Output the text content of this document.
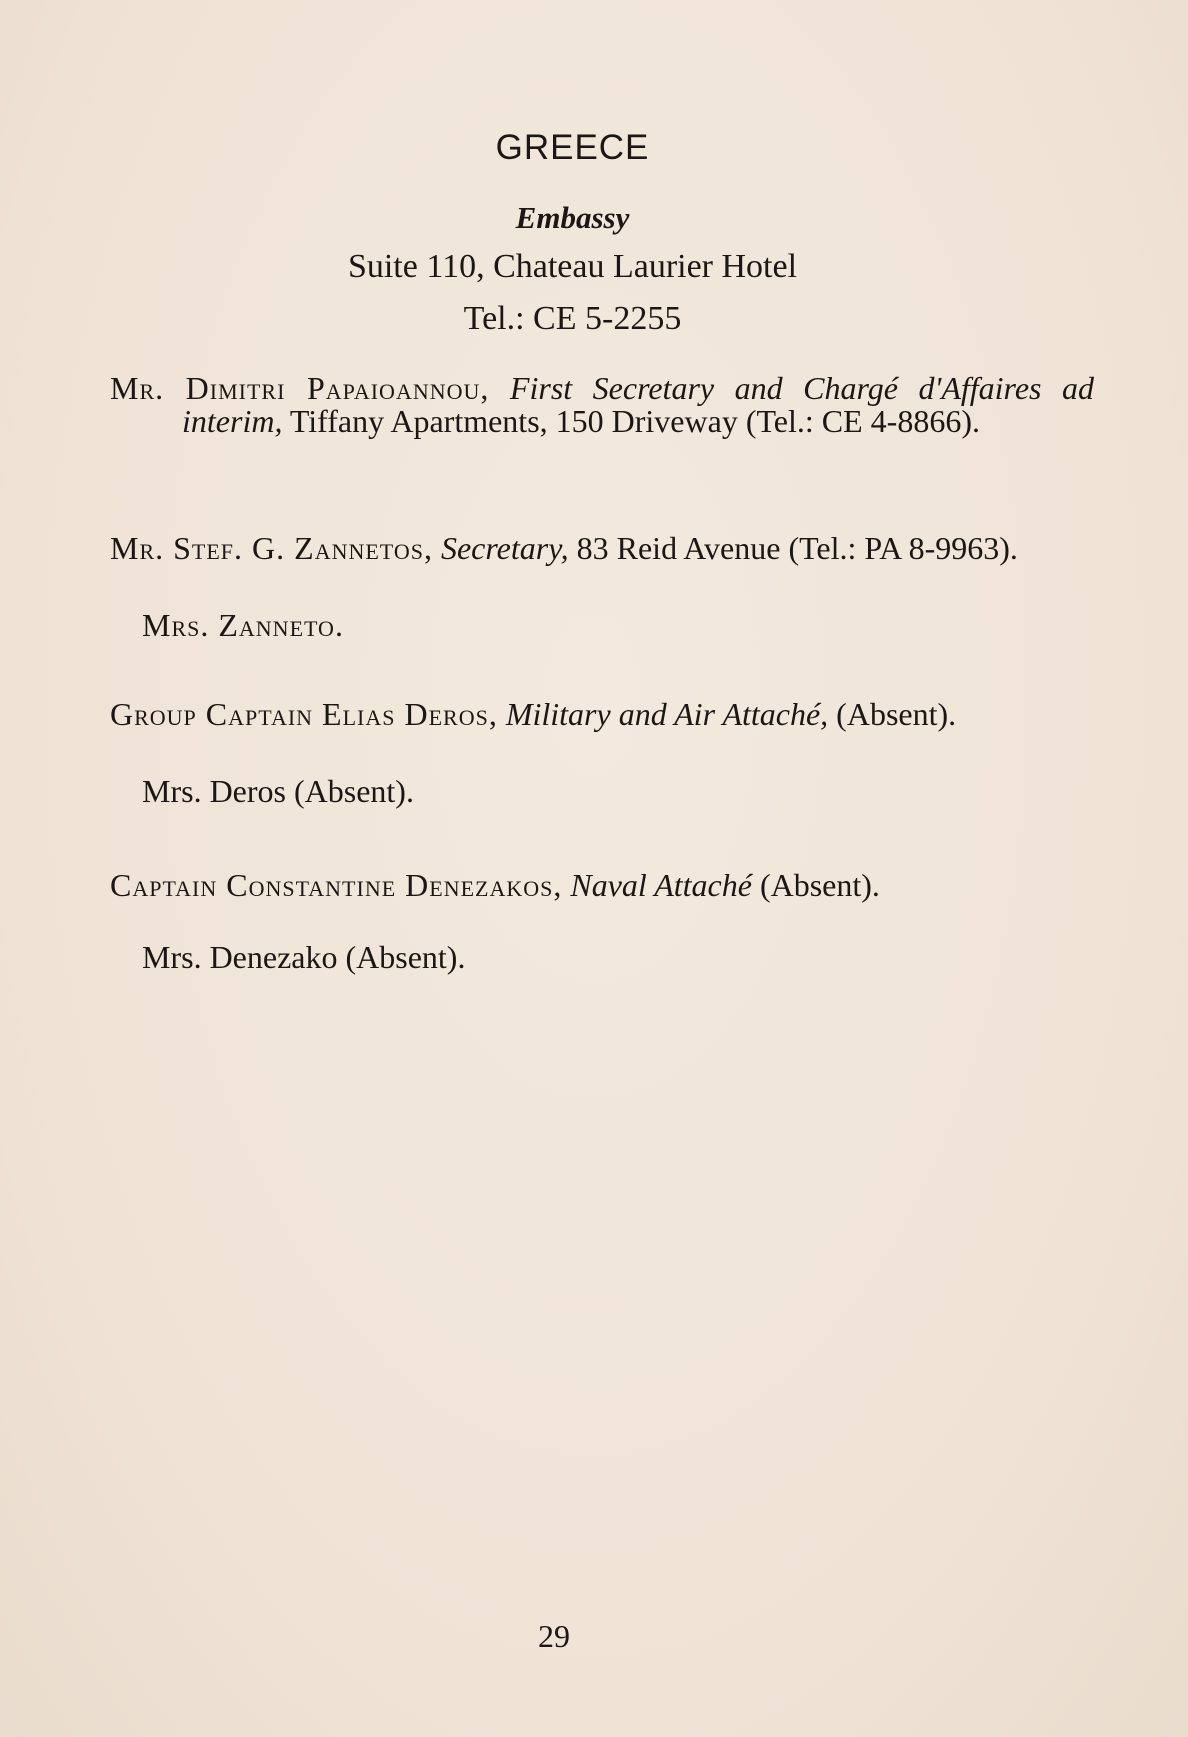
GREECE
Embassy
Suite 110, Chateau Laurier Hotel
Tel.: CE 5-2255
Mr. Dimitri Papaioannou, First Secretary and Chargé d'Affaires ad interim, Tiffany Apartments, 150 Driveway (Tel.: CE 4-8866).
Mr. Stef. G. Zannetos, Secretary, 83 Reid Avenue (Tel.: PA 8-9963).
Mrs. Zanneto.
Group Captain Elias Deros, Military and Air Attaché, (Absent).
Mrs. Deros (Absent).
Captain Constantine Denezakos, Naval Attaché (Absent).
Mrs. Denezako (Absent).
29
